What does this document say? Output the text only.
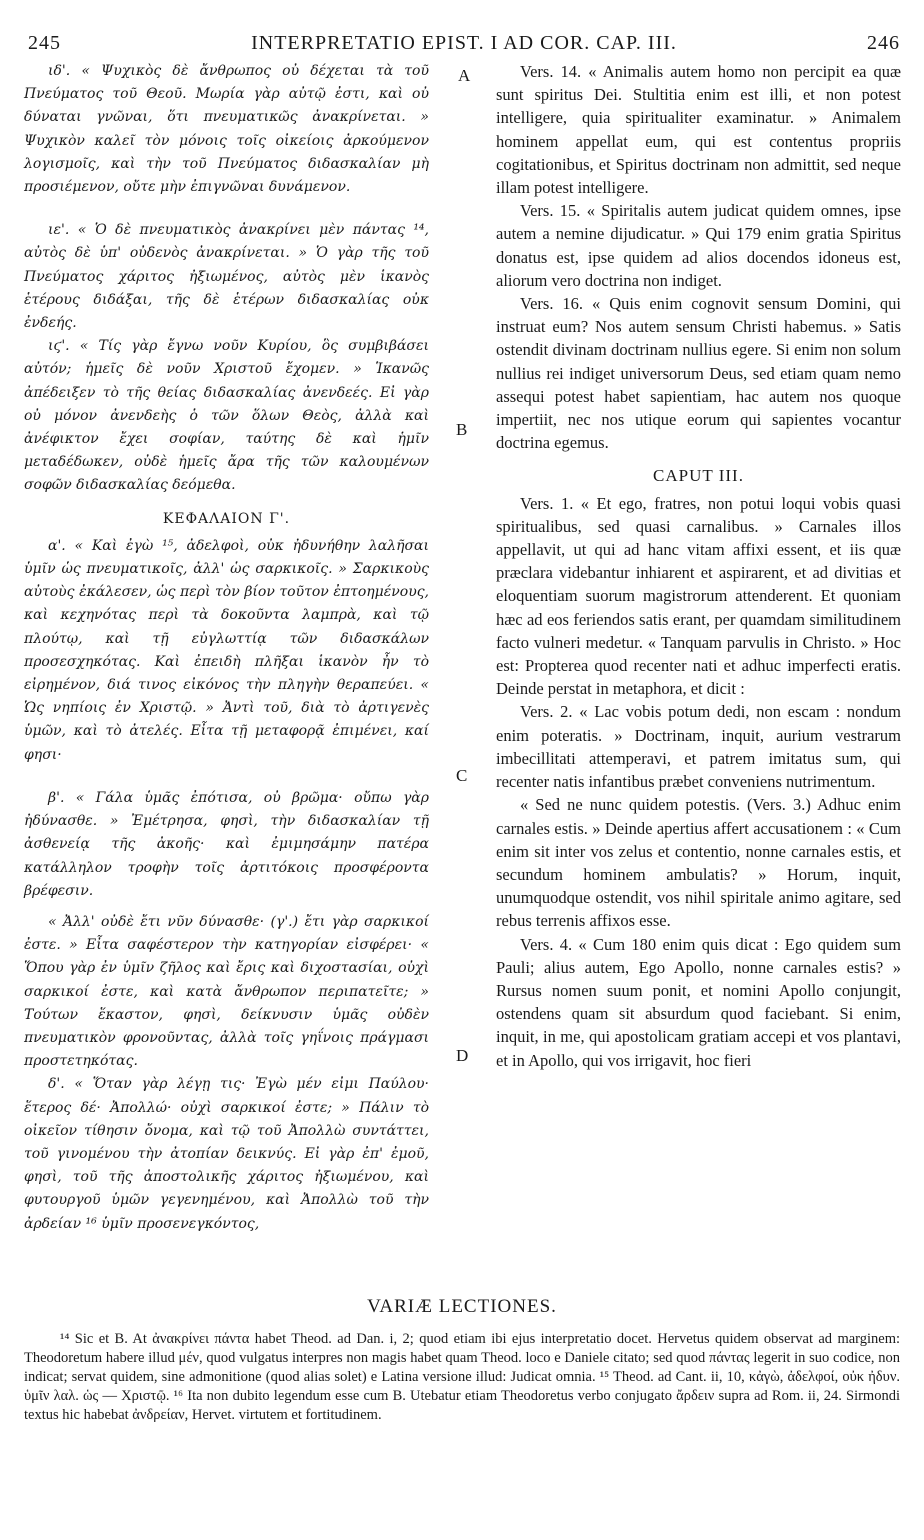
245	INTERPRETATIO EPIST. I AD COR. CAP. III.	246

ιδ'. « Ψυχικὸς δὲ ἄνθρωπος οὐ δέχεται τὰ τοῦ Πνεύματος τοῦ Θεοῦ. Μωρία γὰρ αὐτῷ ἐστι, καὶ οὐ δύναται γνῶναι, ὅτι πνευματικῶς ἀνακρίνεται. » Ψυχικὸν καλεῖ τὸν μόνοις τοῖς οἰκείοις ἀρκούμενον λογισμοῖς, καὶ τὴν τοῦ Πνεύματος διδασκαλίαν μὴ προσιέμενον, οὔτε μὴν ἐπιγνῶναι δυνάμενον.

ιε'. « Ὁ δὲ πνευματικὸς ἀνακρίνει μὲν πάντας ¹⁴, αὐτὸς δὲ ὑπ' οὐδενὸς ἀνακρίνεται. » Ὁ γὰρ τῆς τοῦ Πνεύματος χάριτος ἠξιωμένος, αὐτὸς μὲν ἱκανὸς ἑτέρους διδάξαι, τῆς δὲ ἑτέρων διδασκαλίας οὐκ ἐνδεής.

ιϛ'. « Τίς γὰρ ἔγνω νοῦν Κυρίου, ὃς συμβιβάσει αὐτόν; ἡμεῖς δὲ νοῦν Χριστοῦ ἔχομεν. » Ἱκανῶς ἀπέδειξεν τὸ τῆς θείας διδασκαλίας ἀνενδεές. Εἰ γὰρ οὐ μόνον ἀνενδεὴς ὁ τῶν ὅλων Θεὸς, ἀλλὰ καὶ ἀνέφικτον ἔχει σοφίαν, ταύτης δὲ καὶ ἡμῖν μεταδέδωκεν, οὐδὲ ἡμεῖς ἄρα τῆς τῶν καλουμένων σοφῶν διδασκαλίας δεόμεθα.

ΚΕΦΑΛΑΙΟΝ Γ'.

α'. « Καὶ ἐγὼ ¹⁵, ἀδελφοὶ, οὐκ ἠδυνήθην λαλῆσαι ὑμῖν ὡς πνευματικοῖς, ἀλλ' ὡς σαρκικοῖς. » Σαρκικοὺς αὐτοὺς ἐκάλεσεν, ὡς περὶ τὸν βίον τοῦτον ἐπτοημένους, καὶ κεχηνότας περὶ τὰ δοκοῦντα λαμπρὰ, καὶ τῷ πλούτῳ, καὶ τῇ εὐγλωττίᾳ τῶν διδασκάλων προσεσχηκότας. Καὶ ἐπειδὴ πλῆξαι ἱκανὸν ἦν τὸ εἰρημένον, διά τινος εἰκόνος τὴν πληγὴν θεραπεύει. « Ὡς νηπίοις ἐν Χριστῷ. » Ἀντὶ τοῦ, διὰ τὸ ἀρτιγενὲς ὑμῶν, καὶ τὸ ἀτελές. Εἶτα τῇ μεταφορᾷ ἐπιμένει, καί φησι·

β'. « Γάλα ὑμᾶς ἐπότισα, οὐ βρῶμα· οὔπω γὰρ ἠδύνασθε. » Ἐμέτρησα, φησὶ, τὴν διδασκαλίαν τῇ ἀσθενείᾳ τῆς ἀκοῆς· καὶ ἐμιμησάμην πατέρα κατάλληλον τροφὴν τοῖς ἀρτιτόκοις προσφέροντα βρέφεσιν.

« Ἀλλ' οὐδὲ ἔτι νῦν δύνασθε· (γ'.) ἔτι γὰρ σαρκικοί ἐστε. » Εἶτα σαφέστερον τὴν κατηγορίαν εἰσφέρει· « Ὅπου γὰρ ἐν ὑμῖν ζῆλος καὶ ἔρις καὶ διχοστασίαι, οὐχὶ σαρκικοί ἐστε, καὶ κατὰ ἄνθρωπον περιπατεῖτε; » Τούτων ἕκαστον, φησὶ, δείκνυσιν ὑμᾶς οὐδὲν πνευματικὸν φρονοῦντας, ἀλλὰ τοῖς γηΐνοις πράγμασι προστετηκότας.

δ'. « Ὅταν γὰρ λέγῃ τις· Ἐγὼ μέν εἰμι Παύλου· ἕτερος δέ· Ἀπολλώ· οὐχὶ σαρκικοί ἐστε; » Πάλιν τὸ οἰκεῖον τίθησιν ὄνομα, καὶ τῷ τοῦ Ἀπολλὼ συντάττει, τοῦ γινομένου τὴν ἀτοπίαν δεικνύς. Εἰ γὰρ ἐπ' ἐμοῦ, φησὶ, τοῦ τῆς ἀποστολικῆς χάριτος ἠξιωμένου, καὶ φυτουργοῦ ὑμῶν γεγενημένου, καὶ Ἀπολλὼ τοῦ τὴν ἀρδείαν ¹⁶ ὑμῖν προσενεγκόντος,

A
B
C
D

Vers. 14. « Animalis autem homo non percipit ea quæ sunt spiritus Dei. Stultitia enim est illi, et non potest intelligere, quia spiritualiter examinatur. » Animalem hominem appellat eum, qui est contentus propriis cogitationibus, et Spiritus doctrinam non admittit, sed neque illam potest intelligere.

Vers. 15. « Spiritalis autem judicat quidem omnes, ipse autem a nemine dijudicatur. » Qui 179 enim gratia Spiritus donatus est, ipse quidem ad alios docendos idoneus est, aliorum vero doctrina non indiget.

Vers. 16. « Quis enim cognovit sensum Domini, qui instruat eum? Nos autem sensum Christi habemus. » Satis ostendit divinam doctrinam nullius egere. Si enim non solum nullius rei indiget universorum Deus, sed etiam quam nemo assequi potest habet sapientiam, hac autem nos quoque impertiit, nec nos utique eorum qui sapientes vocantur doctrina egemus.

CAPUT III.

Vers. 1. « Et ego, fratres, non potui loqui vobis quasi spiritualibus, sed quasi carnalibus. » Carnales illos appellavit, ut qui ad hanc vitam affixi essent, et iis quæ præclara videbantur inhiarent et aspirarent, et ad divitias et eloquentiam suorum magistrorum attenderent. Et quoniam hæc ad eos feriendos satis erant, per quamdam similitudinem facto vulneri medetur. « Tanquam parvulis in Christo. » Hoc est: Propterea quod recenter nati et adhuc imperfecti eratis. Deinde perstat in metaphora, et dicit :

Vers. 2. « Lac vobis potum dedi, non escam : nondum enim poteratis. » Doctrinam, inquit, aurium vestrarum imbecillitati attemperavi, et patrem imitatus sum, qui recenter natis infantibus præbet conveniens nutrimentum.

« Sed ne nunc quidem potestis. (Vers. 3.) Adhuc enim carnales estis. » Deinde apertius affert accusationem : « Cum enim sit inter vos zelus et contentio, nonne carnales estis, et secundum hominem ambulatis? » Horum, inquit, unumquodque ostendit, vos nihil spiritale animo agitare, sed rebus terrenis affixos esse.

Vers. 4. « Cum 180 enim quis dicat : Ego quidem sum Pauli; alius autem, Ego Apollo, nonne carnales estis? » Rursus nomen suum ponit, et nomini Apollo conjungit, ostendens quam sit absurdum quod faciebant. Si enim, inquit, in me, qui apostolicam gratiam accepi et vos plantavi, et in Apollo, qui vos irrigavit, hoc fieri

VARIÆ LECTIONES.

¹⁴ Sic et B. At ἀνακρίνει πάντα habet Theod. ad Dan. i, 2; quod etiam ibi ejus interpretatio docet. Hervetus quidem observat ad marginem: Theodoretum habere illud μέν, quod vulgatus interpres non magis habet quam Theod. loco e Daniele citato; sed quod πάντας legerit in suo codice, non indicat; servat quidem, sine admonitione (quod alias solet) e Latina versione illud: Judicat omnia. ¹⁵ Theod. ad Cant. ii, 10, κἀγὼ, ἀδελφοί, οὐκ ἠδυν. ὑμῖν λαλ. ὡς — Χριστῷ. ¹⁶ Ita non dubito legendum esse cum B. Utebatur etiam Theodoretus verbo conjugato ἄρδειν supra ad Rom. ii, 24. Sirmondi textus hic habebat ἀνδρείαν, Hervet. virtutem et fortitudinem.
